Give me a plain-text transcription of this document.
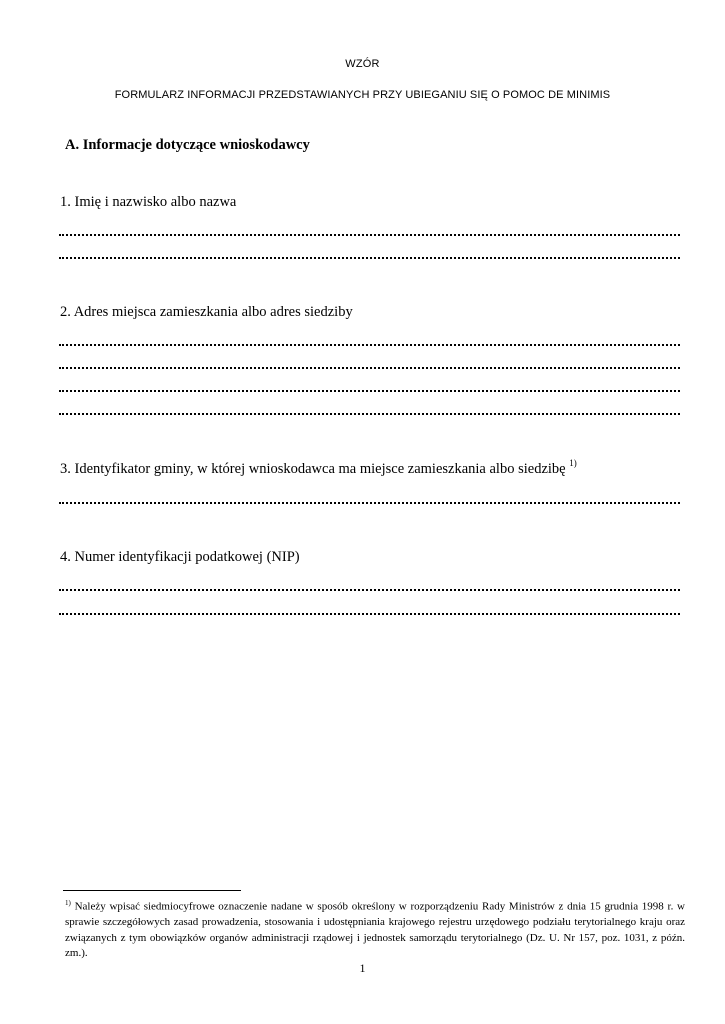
WZÓR
FORMULARZ INFORMACJI PRZEDSTAWIANYCH PRZY UBIEGANIU SIĘ O POMOC DE MINIMIS
A. Informacje dotyczące wnioskodawcy
1. Imię i nazwisko albo nazwa
2. Adres miejsca zamieszkania albo adres siedziby
3. Identyfikator gminy, w której wnioskodawca ma miejsce zamieszkania albo siedzibę $^{1)}$
4. Numer identyfikacji podatkowej (NIP)
$^{1)}$ Należy wpisać siedmiocyfrowe oznaczenie nadane w sposób określony w rozporządzeniu Rady Ministrów z dnia 15 grudnia 1998 r. w sprawie szczegółowych zasad prowadzenia, stosowania i udostępniania krajowego rejestru urzędowego podziału terytorialnego kraju oraz związanych z tym obowiązków organów administracji rządowej i jednostek samorządu terytorialnego (Dz. U. Nr 157, poz. 1031, z późn. zm.).
1
